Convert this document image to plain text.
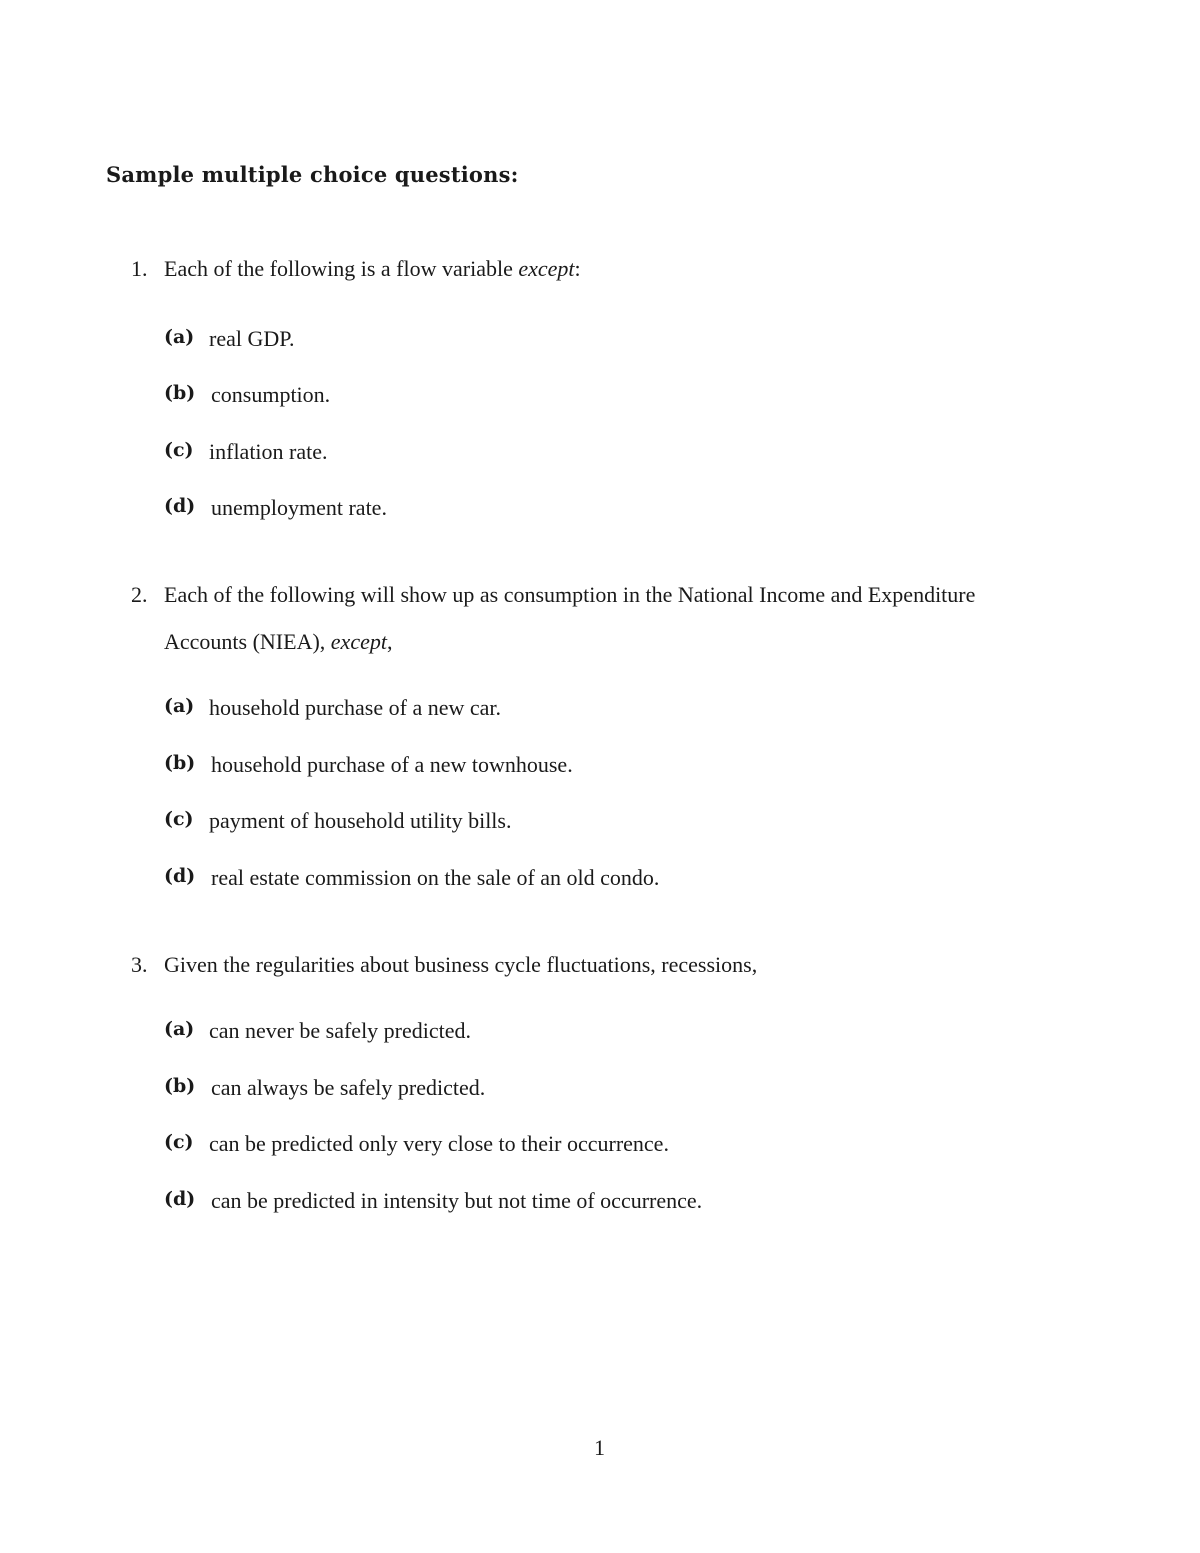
Sample multiple choice questions:
1. Each of the following is a flow variable except:
(a) real GDP.
(b) consumption.
(c) inflation rate.
(d) unemployment rate.
2. Each of the following will show up as consumption in the National Income and Expenditure
Accounts (NIEA), except,
(a) household purchase of a new car.
(b) household purchase of a new townhouse.
(c) payment of household utility bills.
(d) real estate commission on the sale of an old condo.
3. Given the regularities about business cycle fluctuations, recessions,
(a) can never be safely predicted.
(b) can always be safely predicted.
(c) can be predicted only very close to their occurrence.
(d) can be predicted in intensity but not time of occurrence.
1
